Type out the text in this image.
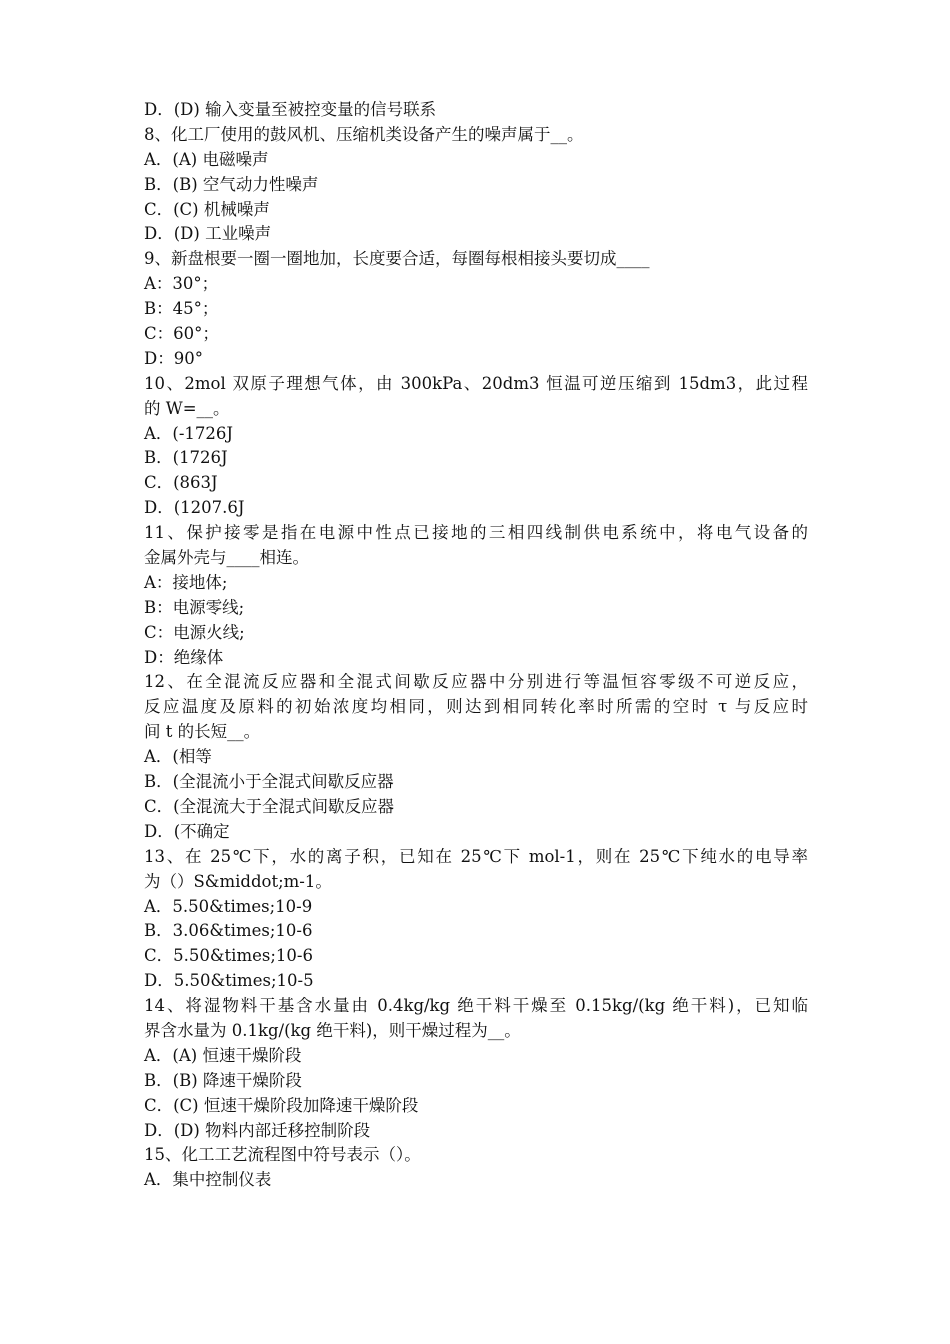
D．(D) 输入变量至被控变量的信号联系
8、化工厂使用的鼓风机、压缩机类设备产生的噪声属于__。
A．(A) 电磁噪声
B．(B) 空气动力性噪声
C．(C) 机械噪声
D．(D) 工业噪声
9、新盘根要一圈一圈地加，长度要合适，每圈每根相接头要切成____
A：30°；
B：45°；
C：60°；
D：90°
10、2mol 双原子理想气体，由 300kPa、20dm3 恒温可逆压缩到 15dm3，此过程
的 W=__。
A．(-1726J
B．(1726J
C．(863J
D．(1207.6J
11、保护接零是指在电源中性点已接地的三相四线制供电系统中，将电气设备的
金属外壳与____相连。
A：接地体;
B：电源零线;
C：电源火线;
D：绝缘体
12、在全混流反应器和全混式间歇反应器中分别进行等温恒容零级不可逆反应，
反应温度及原料的初始浓度均相同，则达到相同转化率时所需的空时 τ 与反应时
间 t 的长短__。
A．(相等
B．(全混流小于全混式间歇反应器
C．(全混流大于全混式间歇反应器
D．(不确定
13、在 25℃下，水的离子积，已知在 25℃下 mol-1，则在 25℃下纯水的电导率
为（）S&middot;m-1。
A．5.50&times;10-9
B．3.06&times;10-6
C．5.50&times;10-6
D．5.50&times;10-5
14、将湿物料干基含水量由 0.4kg/kg 绝干料干燥至 0.15kg/(kg 绝干料)，已知临
界含水量为 0.1kg/(kg 绝干料)，则干燥过程为__。
A．(A) 恒速干燥阶段
B．(B) 降速干燥阶段
C．(C) 恒速干燥阶段加降速干燥阶段
D．(D) 物料内部迁移控制阶段
15、化工工艺流程图中符号表示（）。
A．集中控制仪表
